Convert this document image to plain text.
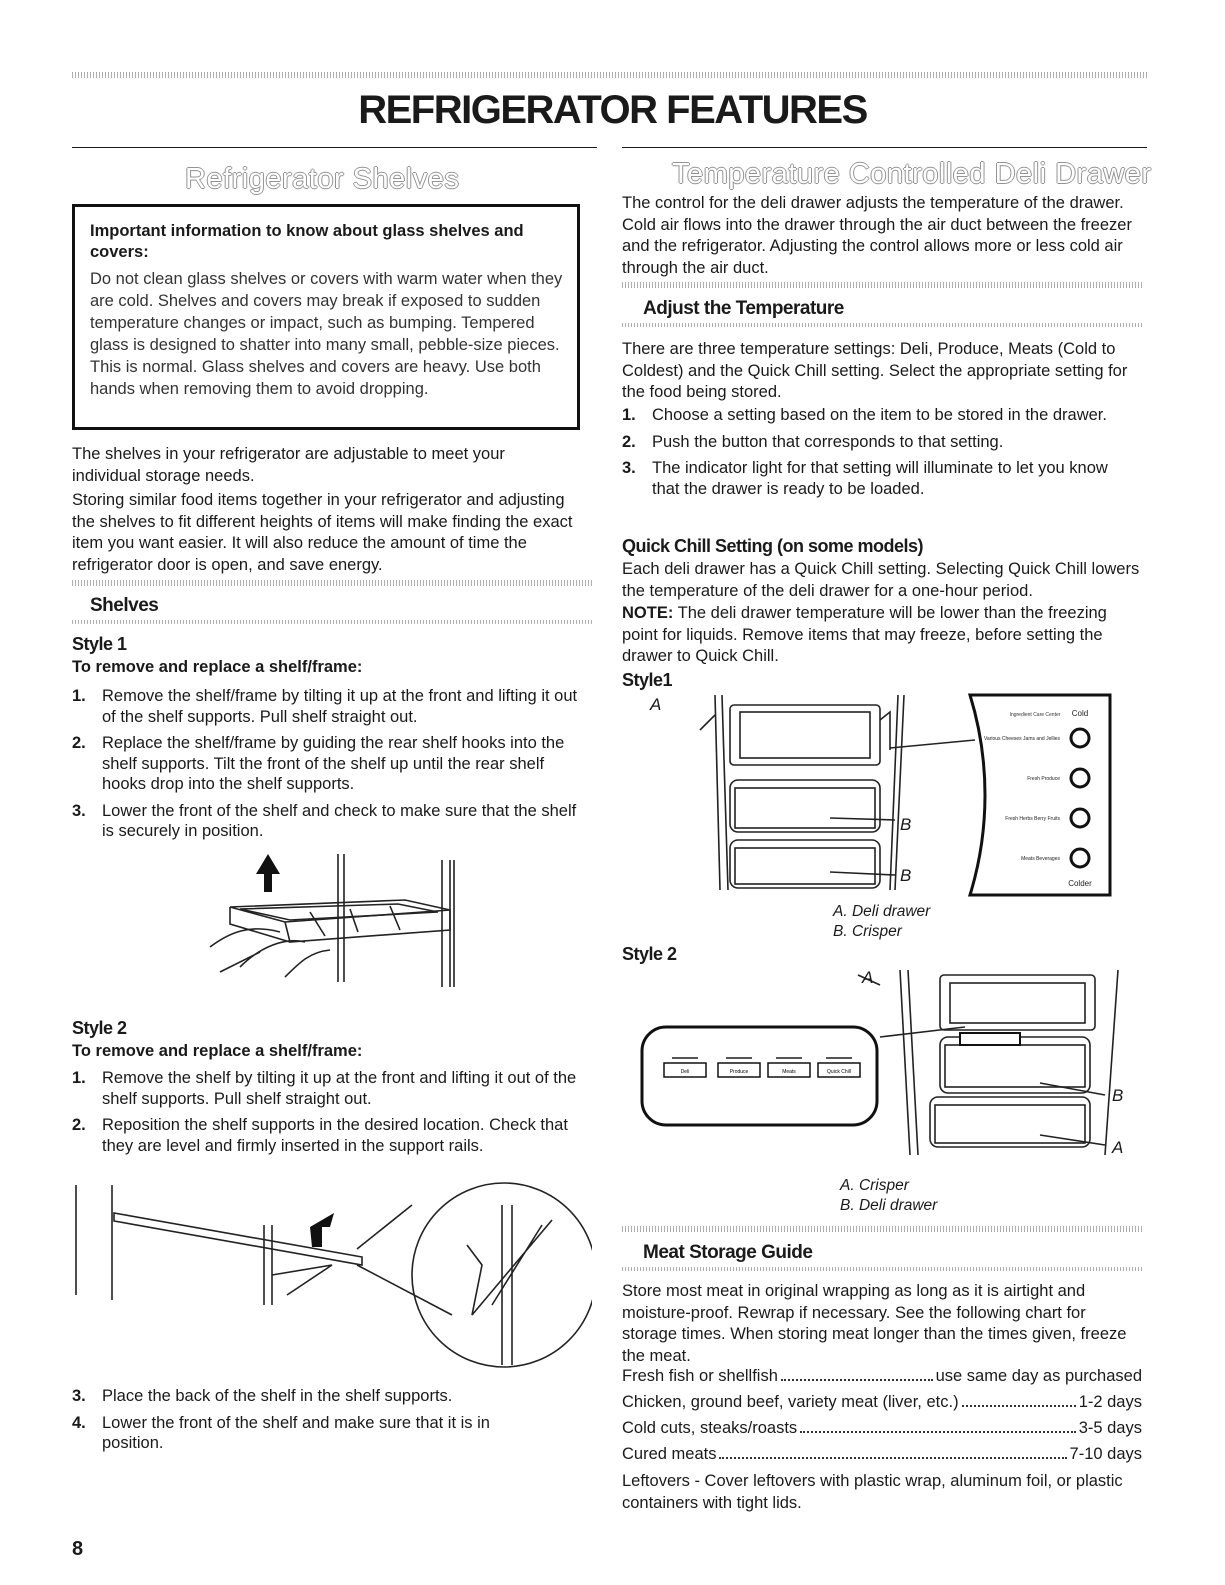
REFRIGERATOR FEATURES
Refrigerator Shelves
Important information to know about glass shelves and covers:
Do not clean glass shelves or covers with warm water when they are cold. Shelves and covers may break if exposed to sudden temperature changes or impact, such as bumping. Tempered glass is designed to shatter into many small, pebble-size pieces. This is normal. Glass shelves and covers are heavy. Use both hands when removing them to avoid dropping.

The shelves in your refrigerator are adjustable to meet your individual storage needs.

Storing similar food items together in your refrigerator and adjusting the shelves to fit different heights of items will make finding the exact item you want easier. It will also reduce the amount of time the refrigerator door is open, and save energy.

Shelves
Style 1
To remove and replace a shelf/frame:
1. Remove the shelf/frame by tilting it up at the front and lifting it out of the shelf supports. Pull shelf straight out.
2. Replace the shelf/frame by guiding the rear shelf hooks into the shelf supports. Tilt the front of the shelf up until the rear shelf hooks drop into the shelf supports.
3. Lower the front of the shelf and check to make sure that the shelf is securely in position.
Style 2
To remove and replace a shelf/frame:
1. Remove the shelf by tilting it up at the front and lifting it out of the shelf supports. Pull shelf straight out.
2. Reposition the shelf supports in the desired location. Check that they are level and firmly inserted in the support rails.
3. Place the back of the shelf in the shelf supports.
4. Lower the front of the shelf and make sure that it is in position.
8
Temperature Controlled Deli Drawer

The control for the deli drawer adjusts the temperature of the drawer. Cold air flows into the drawer through the air duct between the freezer and the refrigerator. Adjusting the control allows more or less cold air through the air duct.

Adjust the Temperature

There are three temperature settings: Deli, Produce, Meats (Cold to Coldest) and the Quick Chill setting. Select the appropriate setting for the food being stored.

1. Choose a setting based on the item to be stored in the drawer.
2. Push the button that corresponds to that setting.
3. The indicator light for that setting will illuminate to let you know that the drawer is ready to be loaded.
Quick Chill Setting (on some models)

Each deli drawer has a Quick Chill setting. Selecting Quick Chill lowers the temperature of the deli drawer for a one-hour period.

NOTE: The deli drawer temperature will be lower than the freezing point for liquids. Remove items that may freeze, before setting the drawer to Quick Chill.

Style1
Ingredient Care Center Cold
Various Cheeses Jams and Jellies
Fresh Produce
Fresh Herbs Berry Fruits
Meats Beverages
Colder
A
B
B
A. Deli drawer
B. Crisper
Style 2
Deli	Produce	Meats	Quick Chill
A
B
A
A. Crisper
B. Deli drawer
Meat Storage Guide

Store most meat in original wrapping as long as it is airtight and moisture-proof. Rewrap if necessary. See the following chart for storage times. When storing meat longer than the times given, freeze the meat.

Fresh fish or shellfish	use same day as purchased
Chicken, ground beef, variety meat (liver, etc.)	1-2 days
Cold cuts, steaks/roasts	3-5 days
Cured meats	7-10 days

Leftovers - Cover leftovers with plastic wrap, aluminum foil, or plastic containers with tight lids.
